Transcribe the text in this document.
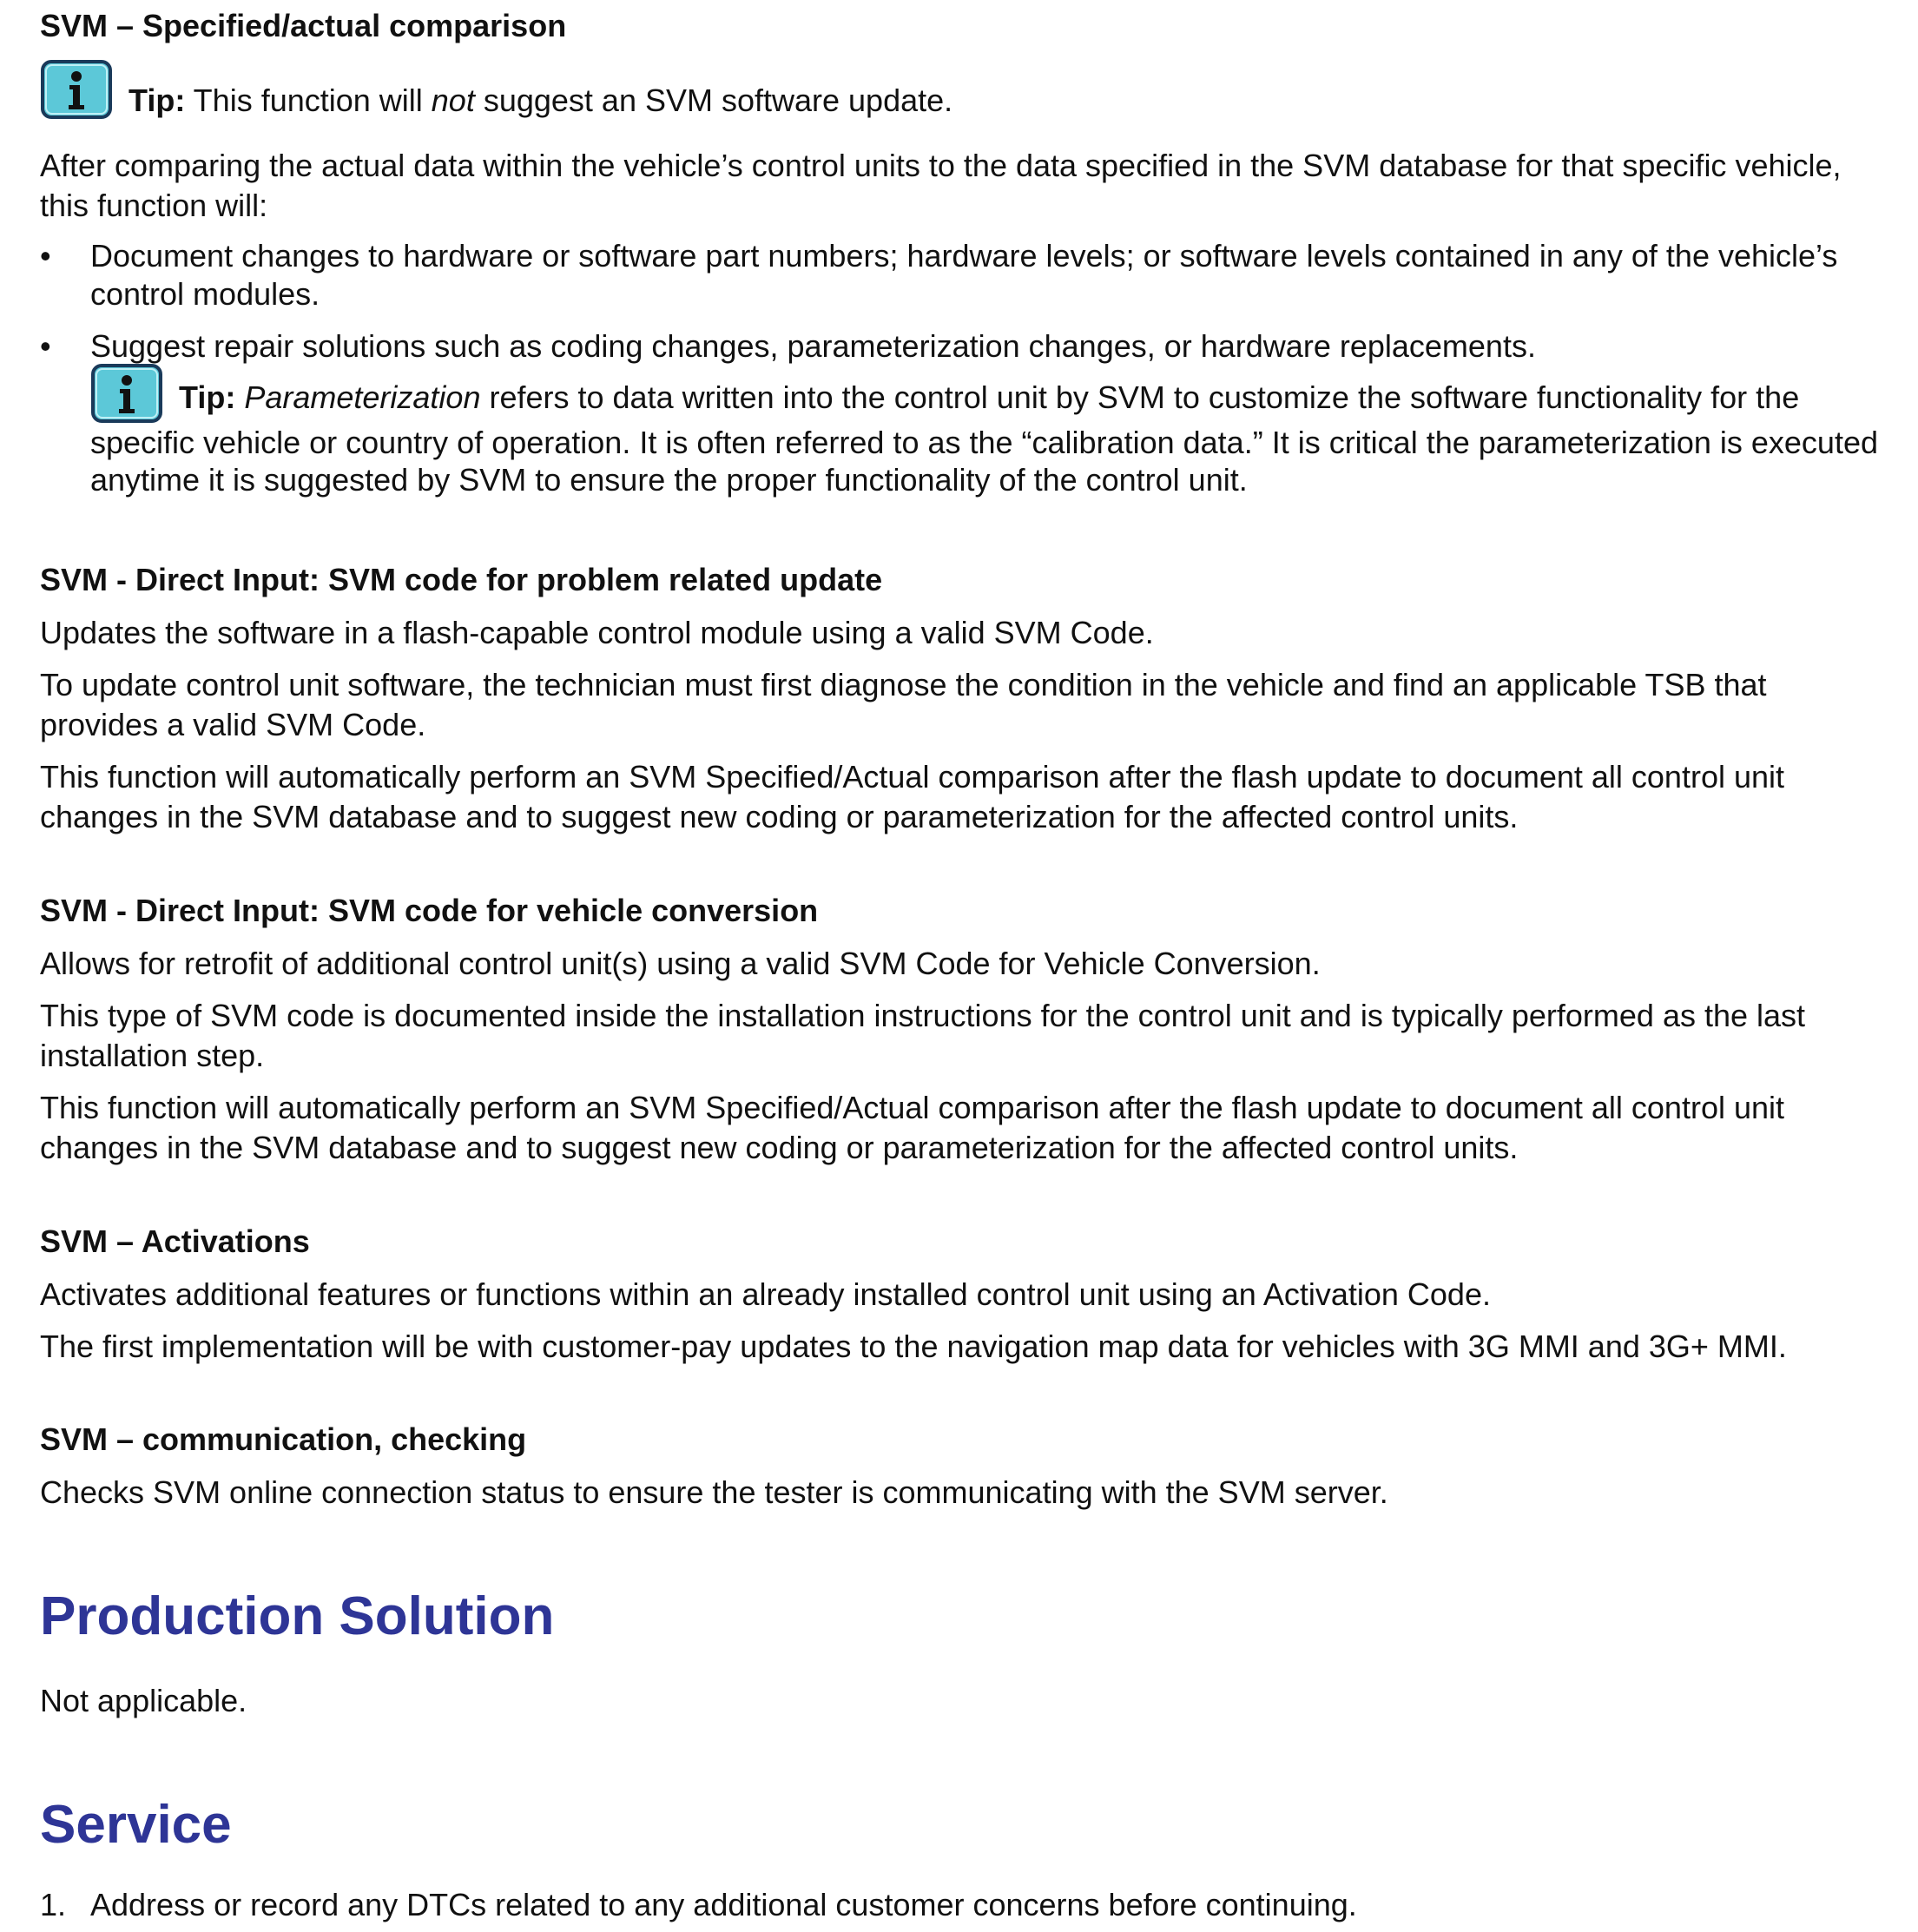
SVM – Specified/actual comparison
Tip: This function will not suggest an SVM software update.

After comparing the actual data within the vehicle’s control units to the data specified in the SVM database for that specific vehicle, this function will:

•	Document changes to hardware or software part numbers; hardware levels; or software levels contained in any of the vehicle’s control modules.
•	Suggest repair solutions such as coding changes, parameterization changes, or hardware replacements.
Tip: Parameterization refers to data written into the control unit by SVM to customize the software functionality for the specific vehicle or country of operation. It is often referred to as the “calibration data.” It is critical the parameterization is executed anytime it is suggested by SVM to ensure the proper functionality of the control unit.
SVM - Direct Input: SVM code for problem related update

Updates the software in a flash-capable control module using a valid SVM Code.

To update control unit software, the technician must first diagnose the condition in the vehicle and find an applicable TSB that provides a valid SVM Code.

This function will automatically perform an SVM Specified/Actual comparison after the flash update to document all control unit changes in the SVM database and to suggest new coding or parameterization for the affected control units.

SVM - Direct Input: SVM code for vehicle conversion

Allows for retrofit of additional control unit(s) using a valid SVM Code for Vehicle Conversion.

This type of SVM code is documented inside the installation instructions for the control unit and is typically performed as the last installation step.

This function will automatically perform an SVM Specified/Actual comparison after the flash update to document all control unit changes in the SVM database and to suggest new coding or parameterization for the affected control units.

SVM – Activations

Activates additional features or functions within an already installed control unit using an Activation Code.

The first implementation will be with customer-pay updates to the navigation map data for vehicles with 3G MMI and 3G+ MMI.

SVM – communication, checking

Checks SVM online connection status to ensure the tester is communicating with the SVM server.

Production Solution

Not applicable.

Service
1. Address or record any DTCs related to any additional customer concerns before continuing.
